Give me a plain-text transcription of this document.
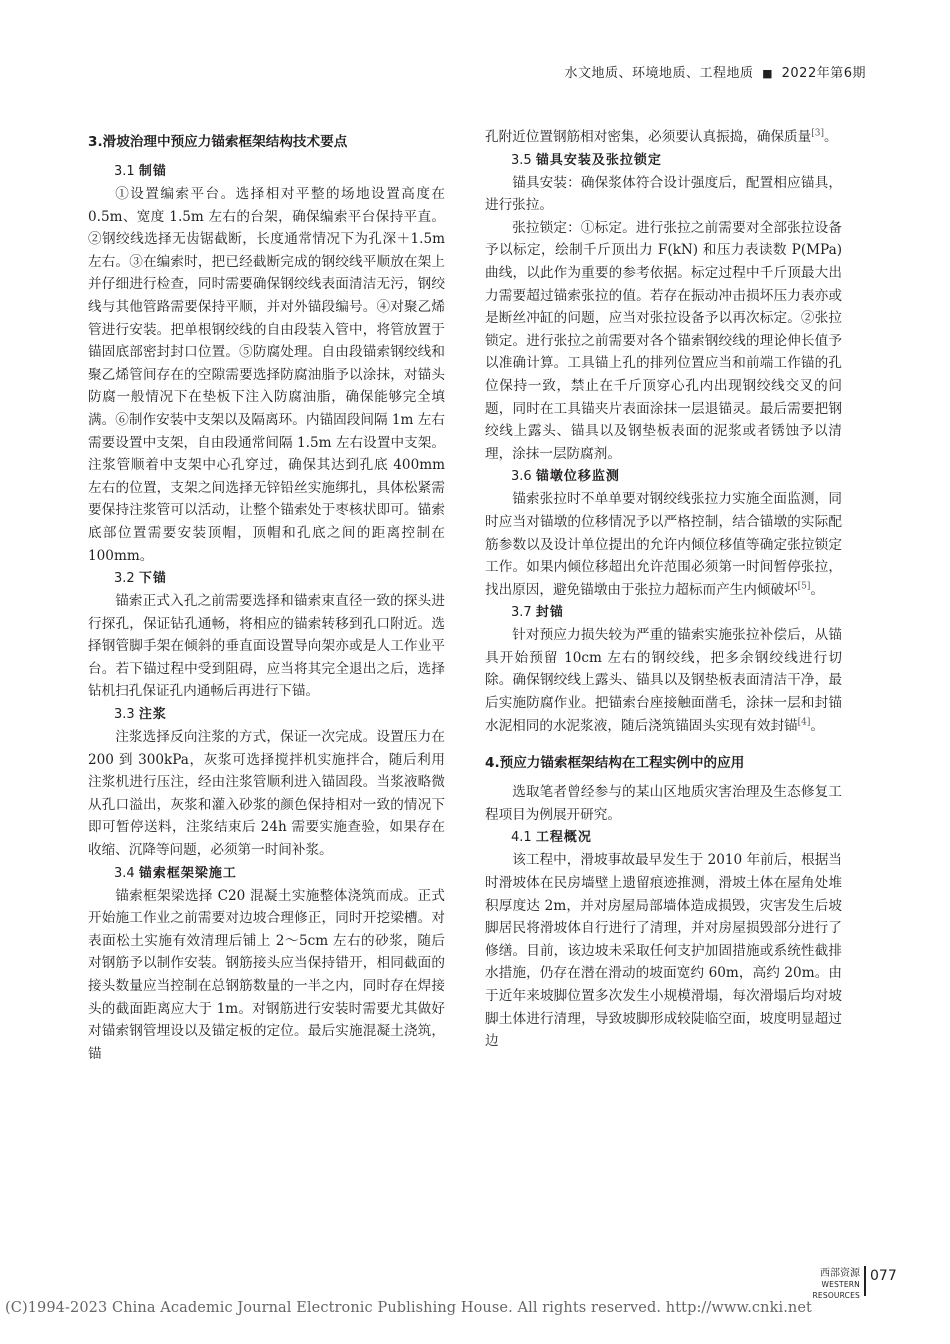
水文地质、环境地质、工程地质 ■ 2022年第6期
3.滑坡治理中预应力锚索框架结构技术要点
3.1 制锚

①设置编索平台。选择相对平整的场地设置高度在 0.5m、宽度 1.5m 左右的台架，确保编索平台保持平直。②钢绞线选择无齿锯截断，长度通常情况下为孔深＋1.5m 左右。③在编索时，把已经截断完成的钢绞线平顺放在架上并仔细进行检查，同时需要确保钢绞线表面清洁无污，钢绞线与其他管路需要保持平顺，并对外锚段编号。④对聚乙烯管进行安装。把单根钢绞线的自由段装入管中，将管放置于锚固底部密封封口位置。⑤防腐处理。自由段锚索钢绞线和聚乙烯管间存在的空隙需要选择防腐油脂予以涂抹，对锚头防腐一般情况下在垫板下注入防腐油脂，确保能够完全填满。⑥制作安装中支架以及隔离环。内锚固段间隔 1m 左右需要设置中支架，自由段通常间隔 1.5m 左右设置中支架。注浆管顺着中支架中心孔穿过，确保其达到孔底 400mm 左右的位置，支架之间选择无锌铅丝实施绑扎，具体松紧需要保持注浆管可以活动，让整个锚索处于枣核状即可。锚索底部位置需要安装顶帽，顶帽和孔底之间的距离控制在 100mm。

3.2 下锚

锚索正式入孔之前需要选择和锚索束直径一致的探头进行探孔，保证钻孔通畅，将相应的锚索转移到孔口附近。选择钢管脚手架在倾斜的垂直面设置导向架亦或是人工作业平台。若下锚过程中受到阻碍，应当将其完全退出之后，选择钻机扫孔保证孔内通畅后再进行下锚。

3.3 注浆

注浆选择反向注浆的方式，保证一次完成。设置压力在 200 到 300kPa，灰浆可选择搅拌机实施拌合，随后利用注浆机进行压注，经由注浆管顺利进入锚固段。当浆液略微从孔口溢出，灰浆和灌入砂浆的颜色保持相对一致的情况下即可暂停送料，注浆结束后 24h 需要实施查验，如果存在收缩、沉降等问题，必须第一时间补浆。

3.4 锚索框架梁施工

锚索框架梁选择 C20 混凝土实施整体浇筑而成。正式开始施工作业之前需要对边坡合理修正，同时开挖梁槽。对表面松土实施有效清理后铺上 2～5cm 左右的砂浆，随后对钢筋予以制作安装。钢筋接头应当保持错开，相同截面的接头数量应当控制在总钢筋数量的一半之内，同时存在焊接头的截面距离应大于 1m。对钢筋进行安装时需要尤其做好对锚索钢管埋设以及锚定板的定位。最后实施混凝土浇筑，锚

孔附近位置钢筋相对密集，必须要认真振捣，确保质量[3]。

3.5 锚具安装及张拉锁定

锚具安装：确保浆体符合设计强度后，配置相应锚具，进行张拉。

张拉锁定：①标定。进行张拉之前需要对全部张拉设备予以标定，绘制千斤顶出力 F(kN) 和压力表读数 P(MPa) 曲线，以此作为重要的参考依据。标定过程中千斤顶最大出力需要超过锚索张拉的值。若存在振动冲击损坏压力表亦或是断丝冲缸的问题，应当对张拉设备予以再次标定。②张拉锁定。进行张拉之前需要对各个锚索钢绞线的理论伸长值予以准确计算。工具锚上孔的排列位置应当和前端工作锚的孔位保持一致，禁止在千斤顶穿心孔内出现钢绞线交叉的问题，同时在工具锚夹片表面涂抹一层退锚灵。最后需要把钢绞线上露头、锚具以及钢垫板表面的泥浆或者锈蚀予以清理，涂抹一层防腐剂。

3.6 锚墩位移监测

锚索张拉时不单单要对钢绞线张拉力实施全面监测，同时应当对锚墩的位移情况予以严格控制，结合锚墩的实际配筋参数以及设计单位提出的允许内倾位移值等确定张拉锁定工作。如果内倾位移超出允许范围必须第一时间暂停张拉，找出原因，避免锚墩由于张拉力超标而产生内倾破坏[5]。

3.7 封锚

针对预应力损失较为严重的锚索实施张拉补偿后，从锚具开始预留 10cm 左右的钢绞线，把多余钢绞线进行切除。确保钢绞线上露头、锚具以及钢垫板表面清洁干净，最后实施防腐作业。把锚索台座接触面凿毛，涂抹一层和封锚水泥相同的水泥浆液，随后浇筑锚固头实现有效封锚[4]。

4.预应力锚索框架结构在工程实例中的应用

选取笔者曾经参与的某山区地质灾害治理及生态修复工程项目为例展开研究。

4.1 工程概况

该工程中，滑坡事故最早发生于 2010 年前后，根据当时滑坡体在民房墙壁上遗留痕迹推测，滑坡土体在屋角处堆积厚度达 2m，并对房屋局部墙体造成损毁，灾害发生后坡脚居民将滑坡体自行进行了清理，并对房屋损毁部分进行了修缮。目前，该边坡未采取任何支护加固措施或系统性截排水措施，仍存在潜在滑动的坡面宽约 60m，高约 20m。由于近年来坡脚位置多次发生小规模滑塌，每次滑塌后均对坡脚土体进行清理，导致坡脚形成较陡临空面，坡度明显超过边

西部资源
WESTERN RESOURCES
077
(C)1994-2023 China Academic Journal Electronic Publishing House. All rights reserved. http://www.cnki.net
